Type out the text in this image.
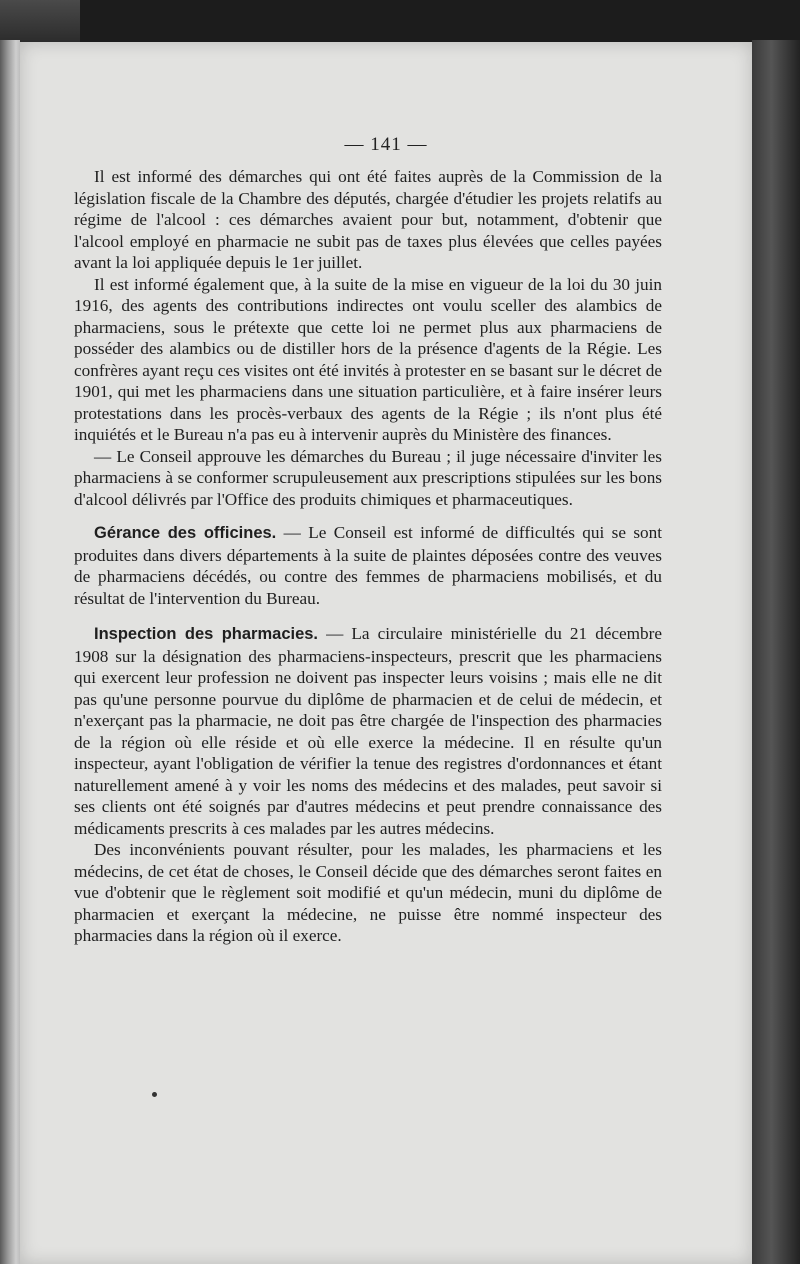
— 141 —

Il est informé des démarches qui ont été faites auprès de la Commission de la législation fiscale de la Chambre des députés, chargée d'étudier les projets relatifs au régime de l'alcool : ces démarches avaient pour but, notamment, d'obtenir que l'alcool employé en pharmacie ne subit pas de taxes plus élevées que celles payées avant la loi appliquée depuis le 1er juillet.

Il est informé également que, à la suite de la mise en vigueur de la loi du 30 juin 1916, des agents des contributions indirectes ont voulu sceller des alambics de pharmaciens, sous le prétexte que cette loi ne permet plus aux pharmaciens de posséder des alambics ou de distiller hors de la présence d'agents de la Régie. Les confrères ayant reçu ces visites ont été invités à protester en se basant sur le décret de 1901, qui met les pharmaciens dans une situation particulière, et à faire insérer leurs protestations dans les procès-verbaux des agents de la Régie ; ils n'ont plus été inquiétés et le Bureau n'a pas eu à intervenir auprès du Ministère des finances.

— Le Conseil approuve les démarches du Bureau ; il juge nécessaire d'inviter les pharmaciens à se conformer scrupuleusement aux prescriptions stipulées sur les bons d'alcool délivrés par l'Office des produits chimiques et pharmaceutiques.

Gérance des officines. — Le Conseil est informé de difficultés qui se sont produites dans divers départements à la suite de plaintes déposées contre des veuves de pharmaciens décédés, ou contre des femmes de pharmaciens mobilisés, et du résultat de l'intervention du Bureau.

Inspection des pharmacies. — La circulaire ministérielle du 21 décembre 1908 sur la désignation des pharmaciens-inspecteurs, prescrit que les pharmaciens qui exercent leur profession ne doivent pas inspecter leurs voisins ; mais elle ne dit pas qu'une personne pourvue du diplôme de pharmacien et de celui de médecin, et n'exerçant pas la pharmacie, ne doit pas être chargée de l'inspection des pharmacies de la région où elle réside et où elle exerce la médecine. Il en résulte qu'un inspecteur, ayant l'obligation de vérifier la tenue des registres d'ordonnances et étant naturellement amené à y voir les noms des médecins et des malades, peut savoir si ses clients ont été soignés par d'autres médecins et peut prendre connaissance des médicaments prescrits à ces malades par les autres médecins.

Des inconvénients pouvant résulter, pour les malades, les pharmaciens et les médecins, de cet état de choses, le Conseil décide que des démarches seront faites en vue d'obtenir que le règlement soit modifié et qu'un médecin, muni du diplôme de pharmacien et exerçant la médecine, ne puisse être nommé inspecteur des pharmacies dans la région où il exerce.
